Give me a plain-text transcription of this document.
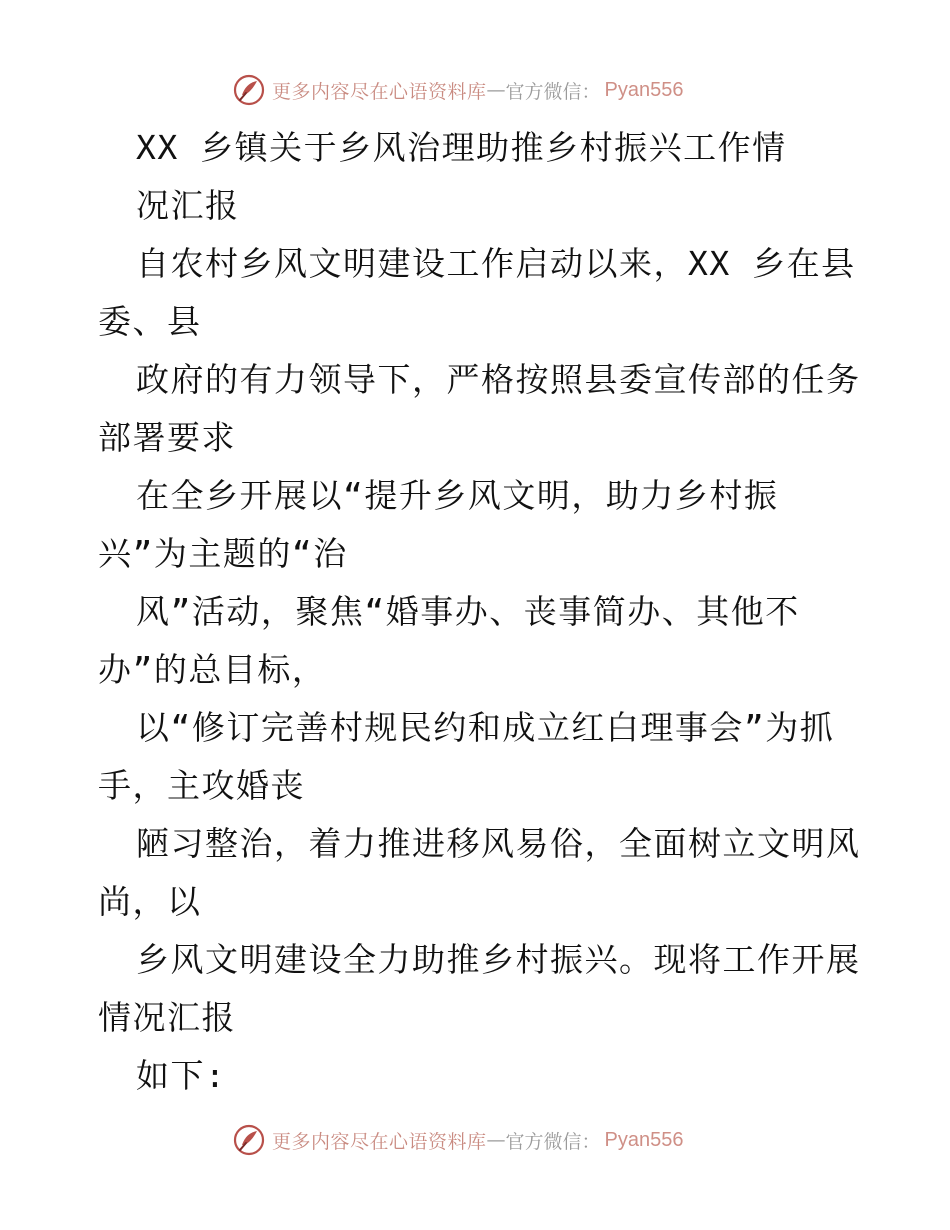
更多内容尽在心语资料库 — 官方微信： Pyan556
XX 乡镇关于乡风治理助推乡村振兴工作情
况汇报
自农村乡风文明建设工作启动以来，XX 乡在县
委、县
政府的有力领导下，严格按照县委宣传部的任务
部署要求
在全乡开展以“提升乡风文明，助力乡村振
兴”为主题的“治
风”活动，聚焦“婚事办、丧事简办、其他不
办”的总目标，
以“修订完善村规民约和成立红白理事会”为抓
手，主攻婚丧
陋习整治，着力推进移风易俗，全面树立文明风
尚，以
乡风文明建设全力助推乡村振兴。现将工作开展
情况汇报
如下:
更多内容尽在心语资料库 — 官方微信： Pyan556
